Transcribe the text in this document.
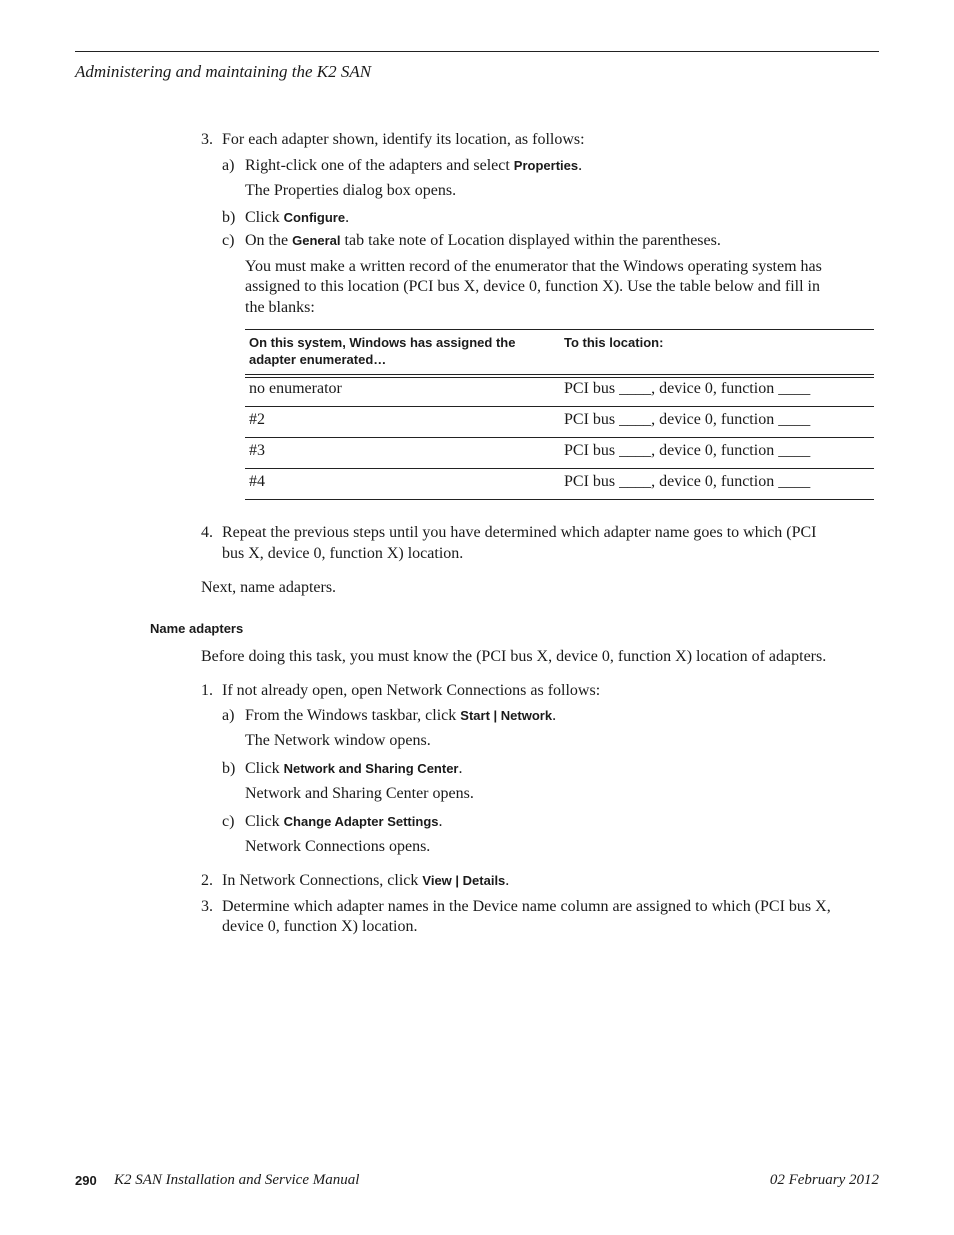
Administering and maintaining the K2 SAN
3. For each adapter shown, identify its location, as follows:
a) Right-click one of the adapters and select Properties.
The Properties dialog box opens.
b) Click Configure.
c) On the General tab take note of Location displayed within the parentheses.
You must make a written record of the enumerator that the Windows operating system has
assigned to this location (PCI bus X, device 0, function X). Use the table below and fill in
the blanks:
On this system, Windows has assigned the
adapter enumerated…
To this location:
no enumerator	PCI bus ____, device 0, function ____
#2	PCI bus ____, device 0, function ____
#3	PCI bus ____, device 0, function ____
#4	PCI bus ____, device 0, function ____
4. Repeat the previous steps until you have determined which adapter name goes to which (PCI
bus X, device 0, function X) location.
Next, name adapters.
Name adapters
Before doing this task, you must know the (PCI bus X, device 0, function X) location of adapters.
1. If not already open, open Network Connections as follows:
a) From the Windows taskbar, click Start | Network.
The Network window opens.
b) Click Network and Sharing Center.
Network and Sharing Center opens.
c) Click Change Adapter Settings.
Network Connections opens.
2. In Network Connections, click View | Details.
3. Determine which adapter names in the Device name column are assigned to which (PCI bus X,
device 0, function X) location.
290 K2 SAN Installation and Service Manual	02 February 2012
